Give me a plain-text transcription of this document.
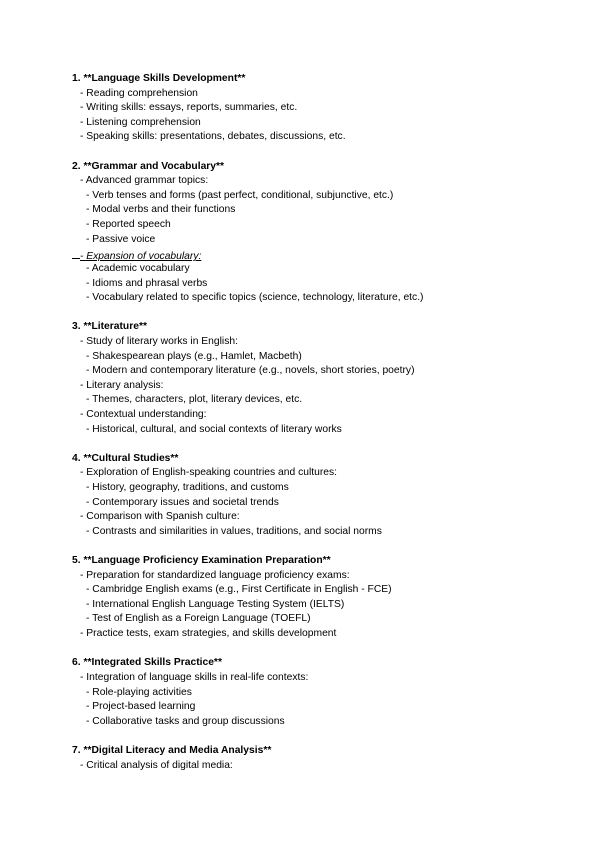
1. **Language Skills Development**
- Reading comprehension
- Writing skills: essays, reports, summaries, etc.
- Listening comprehension
- Speaking skills: presentations, debates, discussions, etc.
2. **Grammar and Vocabulary**
- Advanced grammar topics:
- Verb tenses and forms (past perfect, conditional, subjunctive, etc.)
- Modal verbs and their functions
- Reported speech
- Passive voice
- Expansion of vocabulary:
- Academic vocabulary
- Idioms and phrasal verbs
- Vocabulary related to specific topics (science, technology, literature, etc.)
3. **Literature**
- Study of literary works in English:
- Shakespearean plays (e.g., Hamlet, Macbeth)
- Modern and contemporary literature (e.g., novels, short stories, poetry)
- Literary analysis:
- Themes, characters, plot, literary devices, etc.
- Contextual understanding:
- Historical, cultural, and social contexts of literary works
4. **Cultural Studies**
- Exploration of English-speaking countries and cultures:
- History, geography, traditions, and customs
- Contemporary issues and societal trends
- Comparison with Spanish culture:
- Contrasts and similarities in values, traditions, and social norms
5. **Language Proficiency Examination Preparation**
- Preparation for standardized language proficiency exams:
- Cambridge English exams (e.g., First Certificate in English - FCE)
- International English Language Testing System (IELTS)
- Test of English as a Foreign Language (TOEFL)
- Practice tests, exam strategies, and skills development
6. **Integrated Skills Practice**
- Integration of language skills in real-life contexts:
- Role-playing activities
- Project-based learning
- Collaborative tasks and group discussions
7. **Digital Literacy and Media Analysis**
- Critical analysis of digital media:
